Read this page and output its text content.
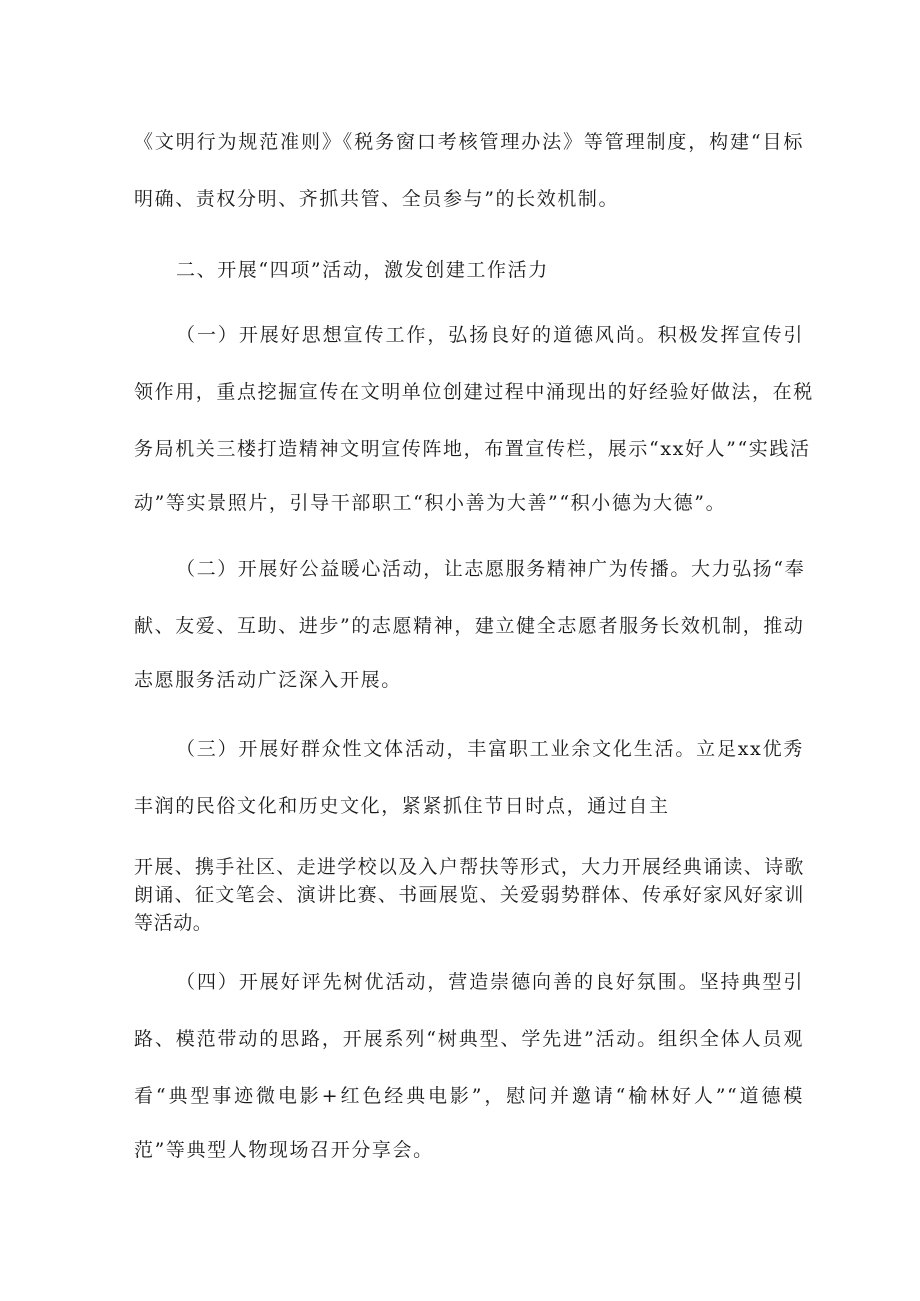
《文明行为规范准则》《税务窗口考核管理办法》等管理制度，构建“目标
明确、责权分明、齐抓共管、全员参与”的长效机制。
二、开展“四项”活动，激发创建工作活力
（一）开展好思想宣传工作，弘扬良好的道德风尚。积极发挥宣传引
领作用，重点挖掘宣传在文明单位创建过程中涌现出的好经验好做法，在税
务局机关三楼打造精神文明宣传阵地，布置宣传栏，展示“xx好人”“实践活
动”等实景照片，引导干部职工“积小善为大善”“积小德为大德”。
（二）开展好公益暖心活动，让志愿服务精神广为传播。大力弘扬“奉
献、友爱、互助、进步”的志愿精神，建立健全志愿者服务长效机制，推动
志愿服务活动广泛深入开展。
（三）开展好群众性文体活动，丰富职工业余文化生活。立足xx优秀
丰润的民俗文化和历史文化，紧紧抓住节日时点，通过自主
开展、携手社区、走进学校以及入户帮扶等形式，大力开展经典诵读、诗歌
朗诵、征文笔会、演讲比赛、书画展览、关爱弱势群体、传承好家风好家训
等活动。
（四）开展好评先树优活动，营造崇德向善的良好氛围。坚持典型引
路、模范带动的思路，开展系列“树典型、学先进”活动。组织全体人员观
看“典型事迹微电影+红色经典电影”，慰问并邀请“榆林好人”“道德模
范”等典型人物现场召开分享会。
